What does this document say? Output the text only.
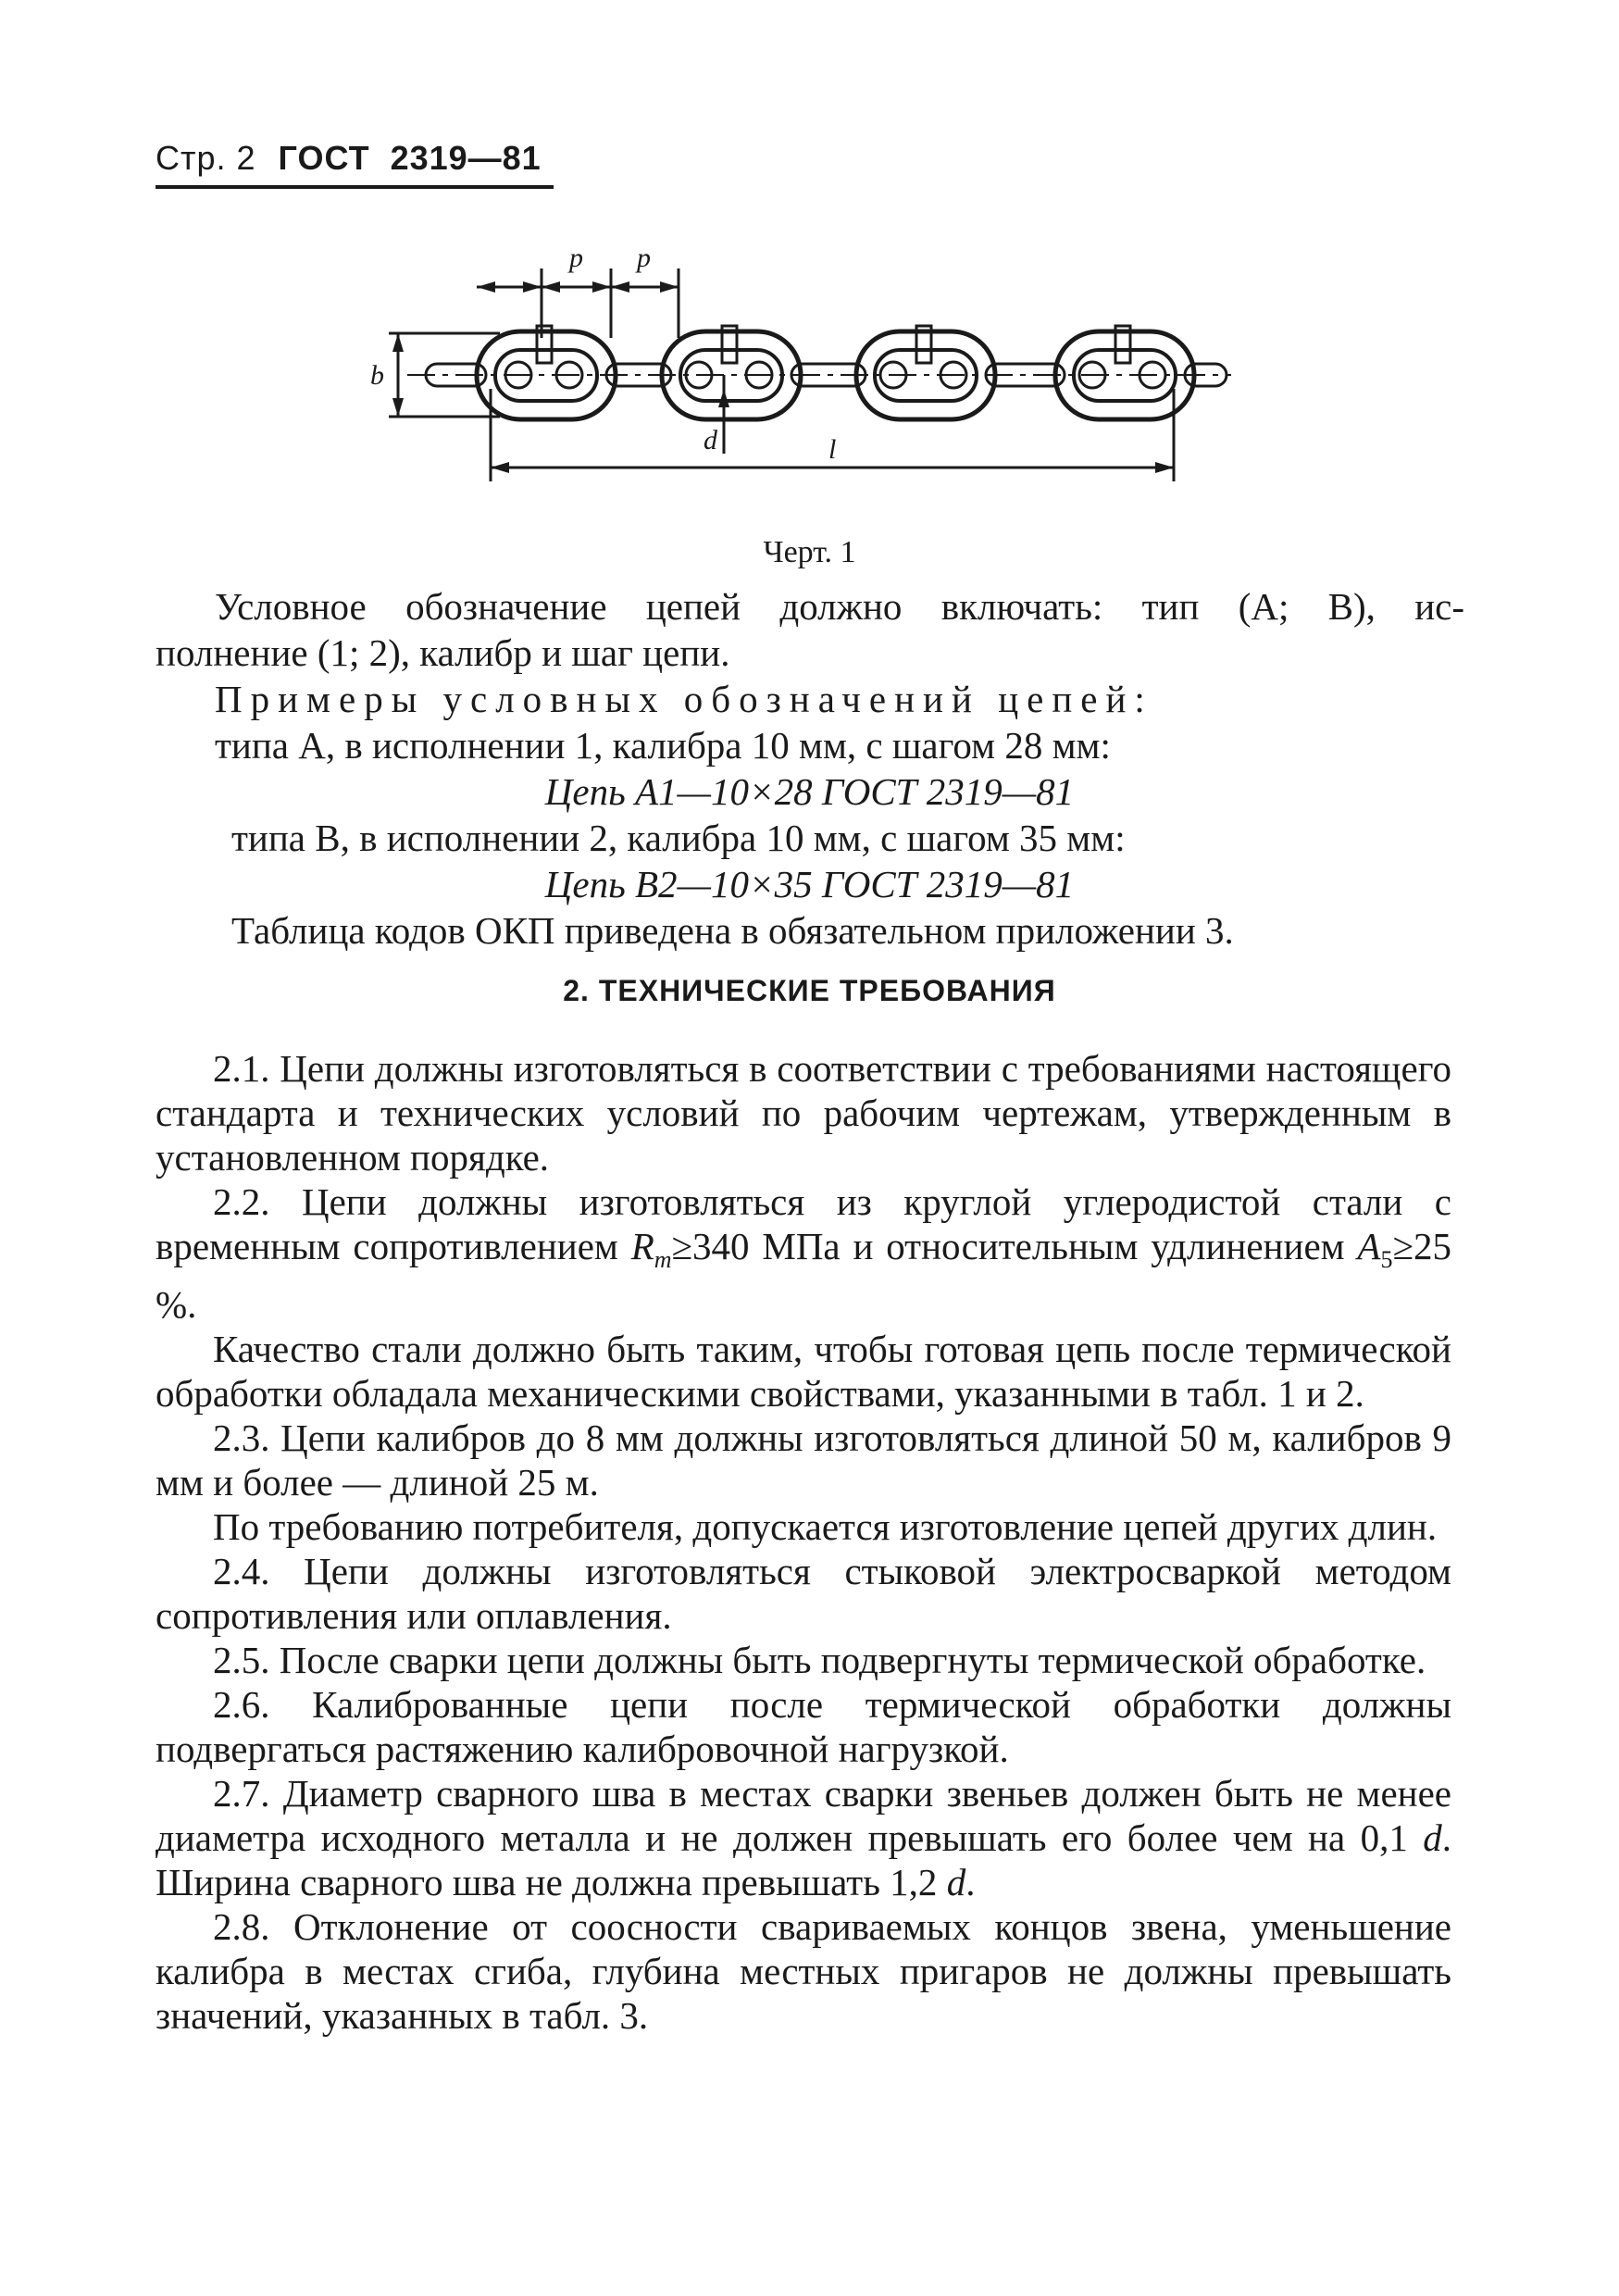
Стр. 2 ГОСТ 2319—81
p p
b
d	l
Черт. 1
Условное обозначение цепей должно включать: тип (А; В), ис-
полнение (1; 2), калибр и шаг цепи.
Примеры условных обозначений цепей:
типа А, в исполнении 1, калибра 10 мм, с шагом 28 мм:
Цепь А1—10×28 ГОСТ 2319—81
типа В, в исполнении 2, калибра 10 мм, с шагом 35 мм:
Цепь В2—10×35 ГОСТ 2319—81
Таблица кодов ОКП приведена в обязательном приложении 3.
2. ТЕХНИЧЕСКИЕ ТРЕБОВАНИЯ

2.1. Цепи должны изготовляться в соответствии с требованиями настоящего стандарта и технических условий по рабочим чертежам, утвержденным в установленном порядке.

2.2. Цепи должны изготовляться из круглой углеродистой стали с временным сопротивлением $R_m\ge 340$ МПа и относительным удлинением $A_5\ge 25$ %.

Качество стали должно быть таким, чтобы готовая цепь после термической обработки обладала механическими свойствами, указанными в табл. 1 и 2.

2.3. Цепи калибров до 8 мм должны изготовляться длиной 50 м, калибров 9 мм и более — длиной 25 м.

По требованию потребителя, допускается изготовление цепей других длин.

2.4. Цепи должны изготовляться стыковой электросваркой методом сопротивления или оплавления.

2.5. После сварки цепи должны быть подвергнуты термической обработке.

2.6. Калиброванные цепи после термической обработки должны подвергаться растяжению калибровочной нагрузкой.

2.7. Диаметр сварного шва в местах сварки звеньев должен быть не менее диаметра исходного металла и не должен превышать его более чем на 0,1 d. Ширина сварного шва не должна превышать 1,2 d.

2.8. Отклонение от соосности свариваемых концов звена, уменьшение калибра в местах сгиба, глубина местных пригаров не должны превышать значений, указанных в табл. 3.
